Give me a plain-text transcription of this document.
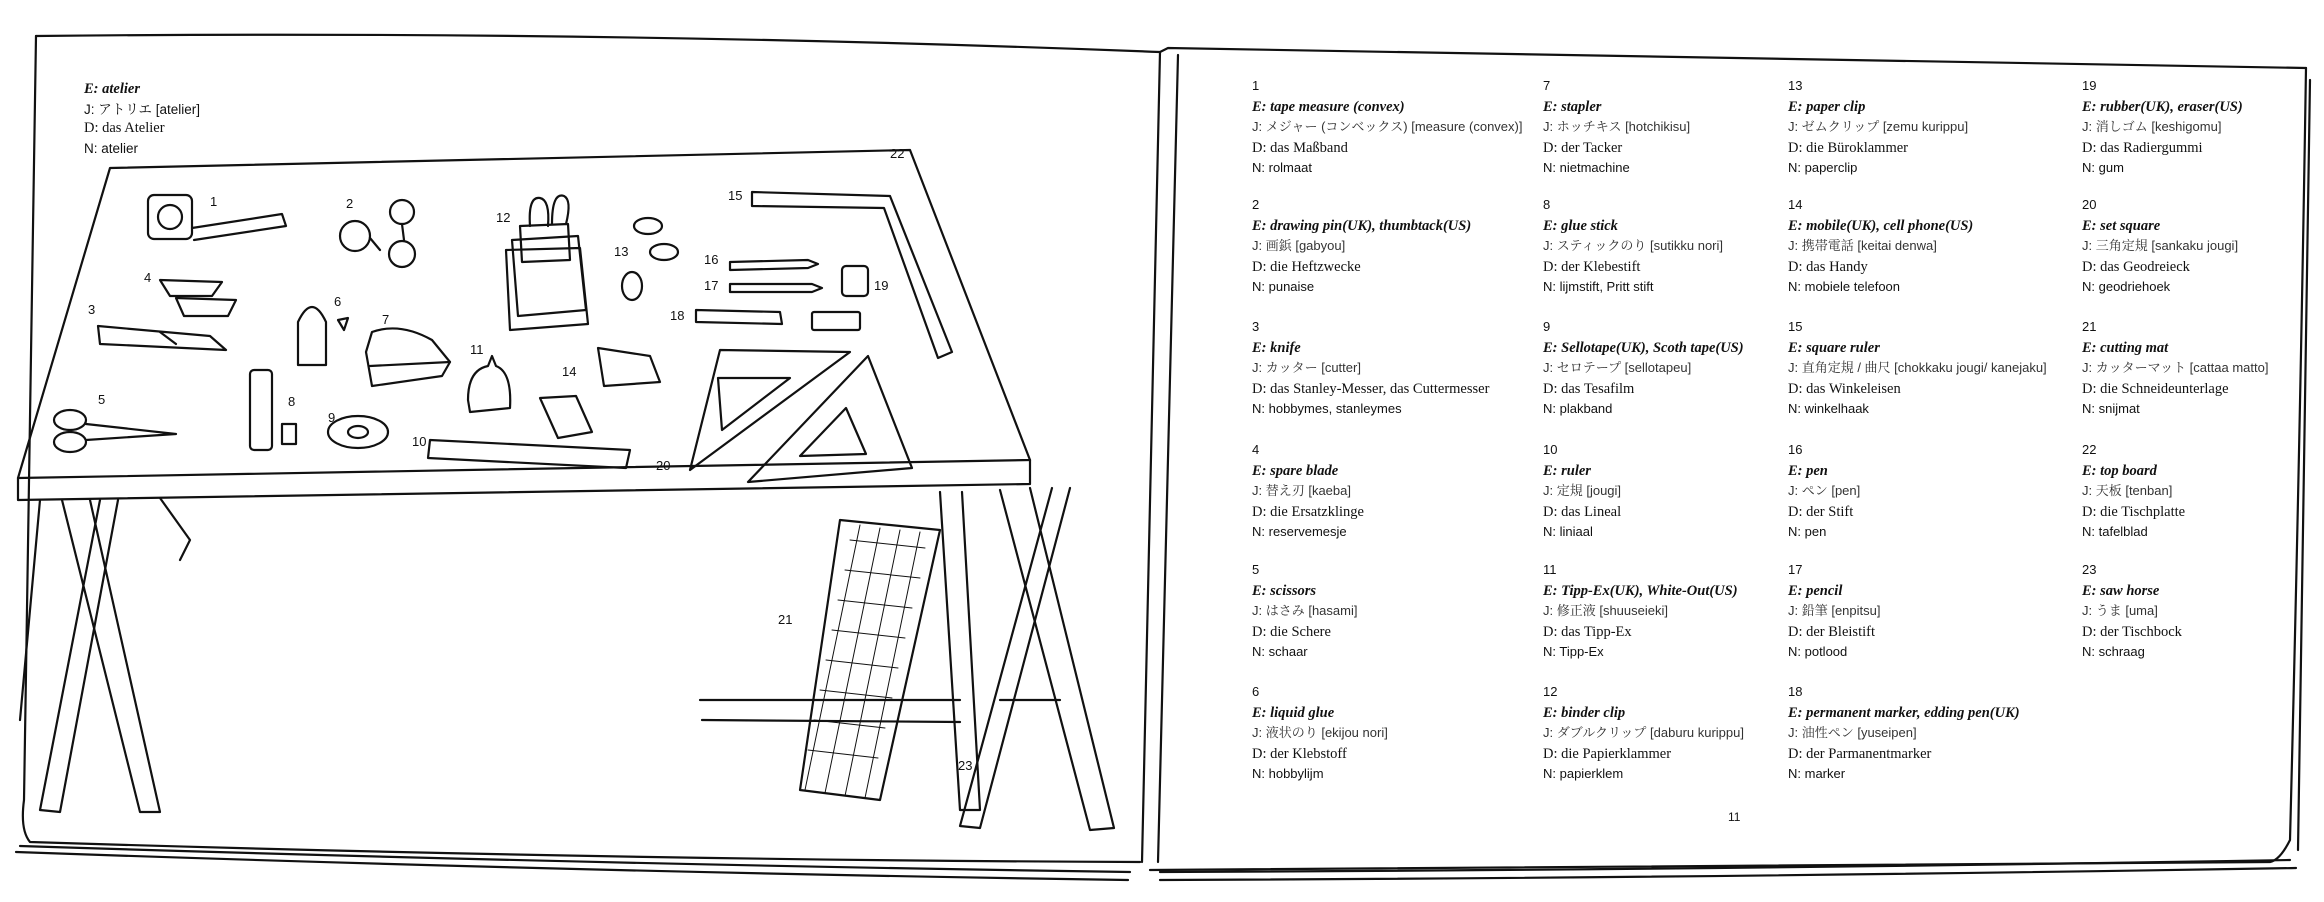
1	2
3
4
5
6
7
8
9
10
11
12
13
14
15
16
17
18
19
20
21
22
23
E: atelier
J: アトリエ [atelier]
D: das Atelier
N: atelier
1
E: tape measure (convex)
J: メジャー (コンベックス) [measure (convex)]
D: das Maßband
N: rolmaat
2
E: drawing pin(UK), thumbtack(US)
J: 画鋲 [gabyou]
D: die Heftzwecke
N: punaise
3
E: knife
J: カッター [cutter]
D: das Stanley-Messer, das Cuttermesser
N: hobbymes, stanleymes
4
E: spare blade
J: 替え刃 [kaeba]
D: die Ersatzklinge
N: reservemesje
5
E: scissors
J: はさみ [hasami]
D: die Schere
N: schaar
6
E: liquid glue
J: 液状のり [ekijou nori]
D: der Klebstoff
N: hobbylijm
7
E: stapler
J: ホッチキス [hotchikisu]
D: der Tacker
N: nietmachine
8
E: glue stick
J: スティックのり [sutikku nori]
D: der Klebestift
N: lijmstift, Pritt stift
9
E: Sellotape(UK), Scoth tape(US)
J: セロテープ [sellotapeu]
D: das Tesafilm
N: plakband
10
E: ruler
J: 定規 [jougi]
D: das Lineal
N: liniaal
11
E: Tipp-Ex(UK), White-Out(US)
J: 修正液 [shuuseieki]
D: das Tipp-Ex
N: Tipp-Ex
12
E: binder clip
J: ダブルクリップ [daburu kurippu]
D: die Papierklammer
N: papierklem
13
E: paper clip
J: ゼムクリップ [zemu kurippu]
D: die Büroklammer
N: paperclip
14
E: mobile(UK), cell phone(US)
J: 携帯電話 [keitai denwa]
D: das Handy
N: mobiele telefoon
15
E: square ruler
J: 直角定規 / 曲尺 [chokkaku jougi/ kanejaku]
D: das Winkeleisen
N: winkelhaak
16
E: pen
J: ペン [pen]
D: der Stift
N: pen
17
E: pencil
J: 鉛筆 [enpitsu]
D: der Bleistift
N: potlood
18
E: permanent marker, edding pen(UK)
J: 油性ペン [yuseipen]
D: der Parmanentmarker
N: marker
19
E: rubber(UK), eraser(US)
J: 消しゴム [keshigomu]
D: das Radiergummi
N: gum
20
E: set square
J: 三角定規 [sankaku jougi]
D: das Geodreieck
N: geodriehoek
21
E: cutting mat
J: カッターマット [cattaa matto]
D: die Schneideunterlage
N: snijmat
22
E: top board
J: 天板 [tenban]
D: die Tischplatte
N: tafelblad
23
E: saw horse
J: うま [uma]
D: der Tischbock
N: schraag
11
